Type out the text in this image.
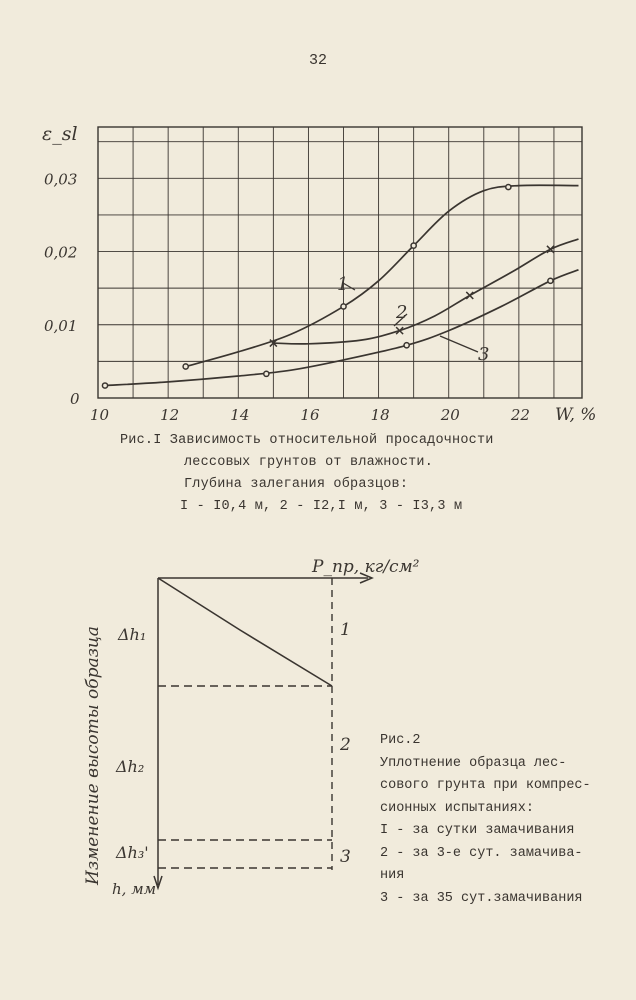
32
10	12	14	16	18	20	22
0
0,01
0,02
0,03
ε_sl
W, %
1
2
3
Рис.I Зависимость относительной просадочности
лессовых грунтов от влажности.
Глубина залегания образцов:
I - I0,4 м, 2 - I2,I м, 3 - I3,3 м
P_пр, кг/см²
Δh₁
Δh₂
Δh₃'
1
2
3
h, мм
Изменение высоты образца	Рис.2
Уплотнение образца лес-
сового грунта при компрес-
сионных испытаниях:
I - за сутки замачивания
2 - за 3-е сут. замачива-
ния
3 - за 35 сут.замачивания
